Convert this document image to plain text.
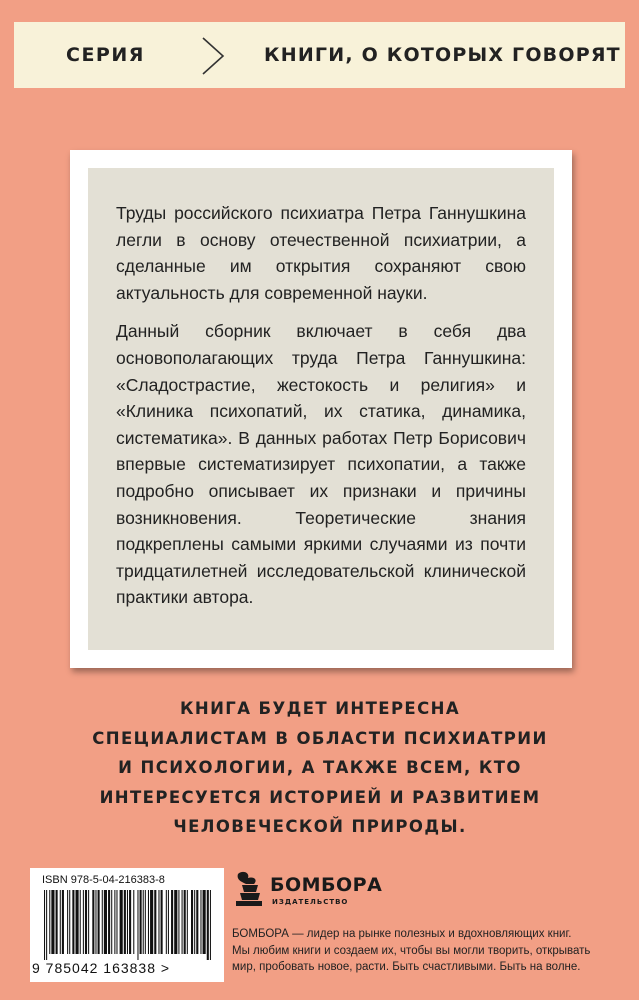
СЕРИЯ	КНИГИ, О КОТОРЫХ ГОВОРЯТ

Труды российского психиатра Петра Ганнушкина легли в основу отечественной психиатрии, а сделанные им открытия сохраняют свою актуальность для современной науки.

Данный сборник включает в себя два основополагающих труда Петра Ганнушкина: «Сладострастие, жестокость и религия» и «Клиника психопатий, их статика, динамика, систематика». В данных работах Петр Борисович впервые систематизирует психопатии, а также подробно описывает их признаки и причины возникновения. Теоретические знания подкреплены самыми яркими случаями из почти тридцатилетней исследовательской клинической практики автора.

КНИГА БУДЕТ ИНТЕРЕСНА
СПЕЦИАЛИСТАМ В ОБЛАСТИ ПСИХИАТРИИ
И ПСИХОЛОГИИ, А ТАКЖЕ ВСЕМ, КТО
ИНТЕРЕСУЕТСЯ ИСТОРИЕЙ И РАЗВИТИЕМ
ЧЕЛОВЕЧЕСКОЙ ПРИРОДЫ.
ISBN 978-5-04-216383-8
9 785042 163838 >
БОМБОРА
ИЗДАТЕЛЬСТВО
БОМБОРА — лидер на рынке полезных и вдохновляющих книг.
Мы любим книги и создаем их, чтобы вы могли творить, открывать
мир, пробовать новое, расти. Быть счастливыми. Быть на волне.
